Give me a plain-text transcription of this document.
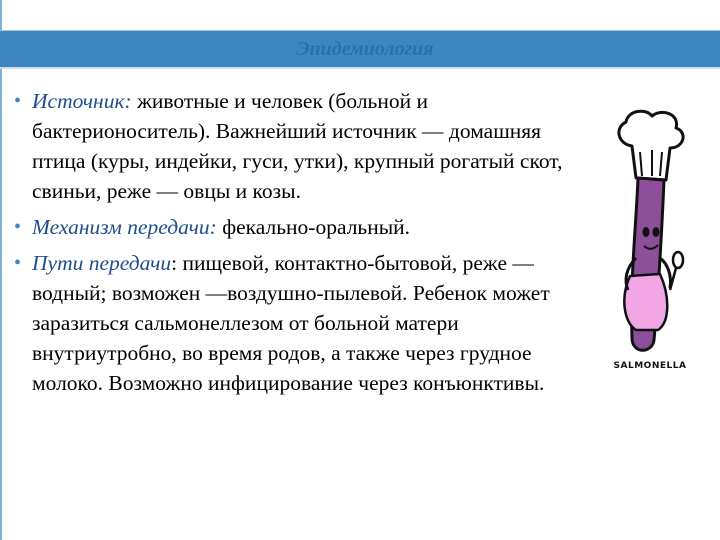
Эпидемиология
• Источник: животные и человек (больной и бактерионоситель). Важнейший источник — домашняя птица (куры, индейки, гуси, утки), крупный рогатый скот, свиньи, реже — овцы и козы.
• Механизм передачи: фекально-оральный.
• Пути передачи: пищевой, контактно-бытовой, реже — водный; возможен —воздушно-пылевой. Ребенок может заразиться сальмонеллезом от больной матери внутриутробно, во время родов, а также через грудное молоко. Возможно инфицирование через конъюнктивы.
SALMONELLA
